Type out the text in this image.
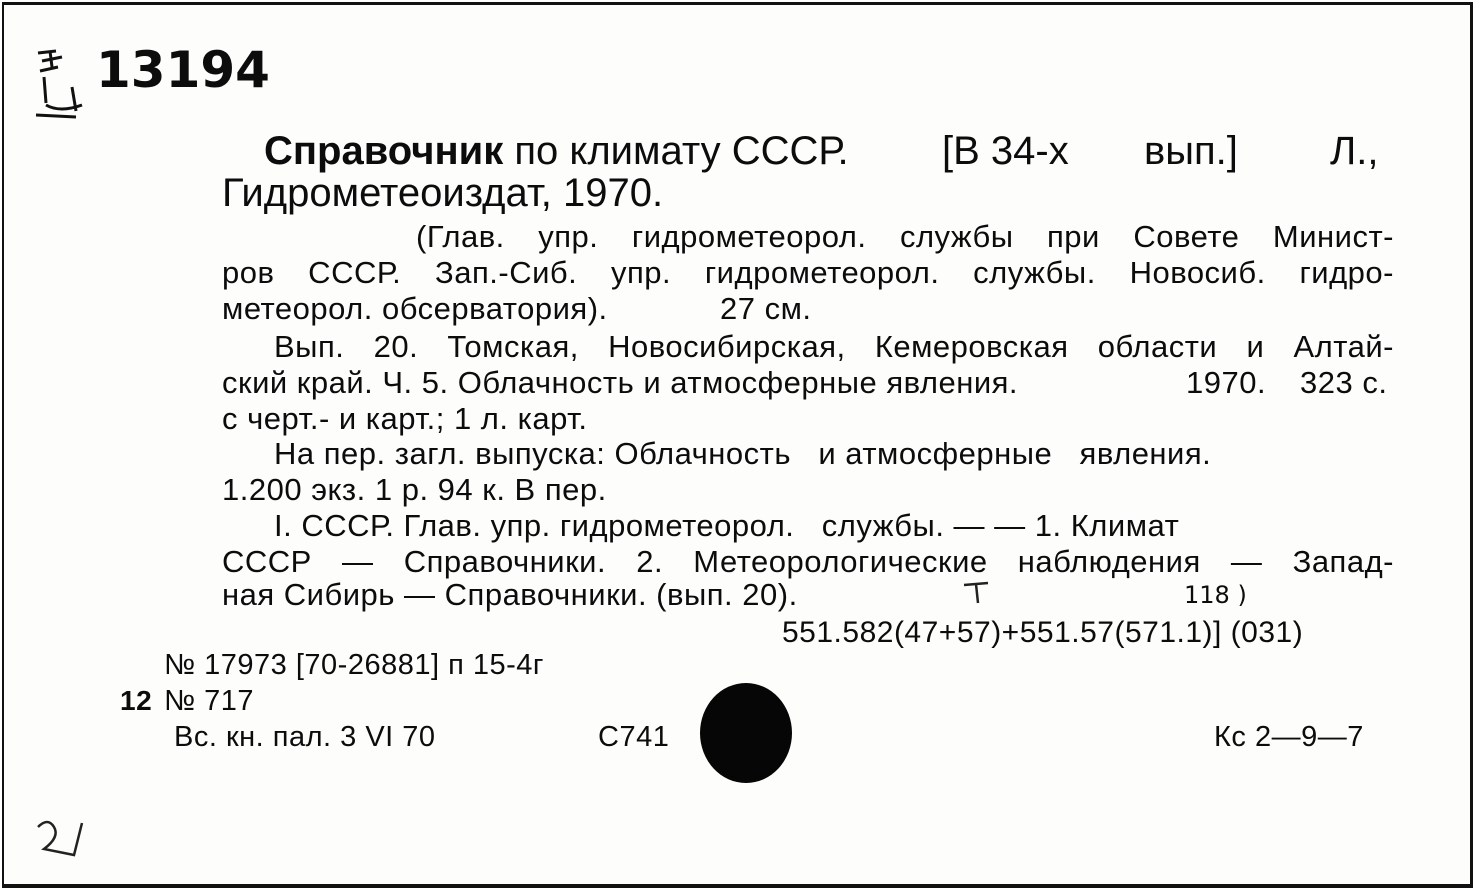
13194
Справочник по климату СССР. [В 34-х вып.] Л.,
Гидрометеоиздат, 1970.
(Глав. упр. гидрометеорол. службы при Совете Минист-
ров СССР. Зап.-Сиб. упр. гидрометеорол. службы. Новосиб. гидро-
метеорол. обсерватория).	27 см.
Вып. 20. Томская, Новосибирская, Кемеровская области и Алтай-
ский край. Ч. 5. Облачность и атмосферные явления.	1970. 323 с.
с черт.- и карт.; 1 л. карт.
На пер. загл. выпуска: Облачность   и атмосферные   явления.
1.200 экз. 1 р. 94 к. В пер.
I. СССР. Глав. упр. гидрометеорол.   службы. — — 1. Климат
СССР — Справочники. 2. Метеорологические наблюдения — Запад-
ная Сибирь — Справочники. (вып. 20).	118 )
551.582(47+57)+551.57(571.1)] (031)
№ 17973 [70-26881] п 15-4г
12 № 717
Вс. кн. пал. 3 VI 70	C741	Кс 2—9—7
